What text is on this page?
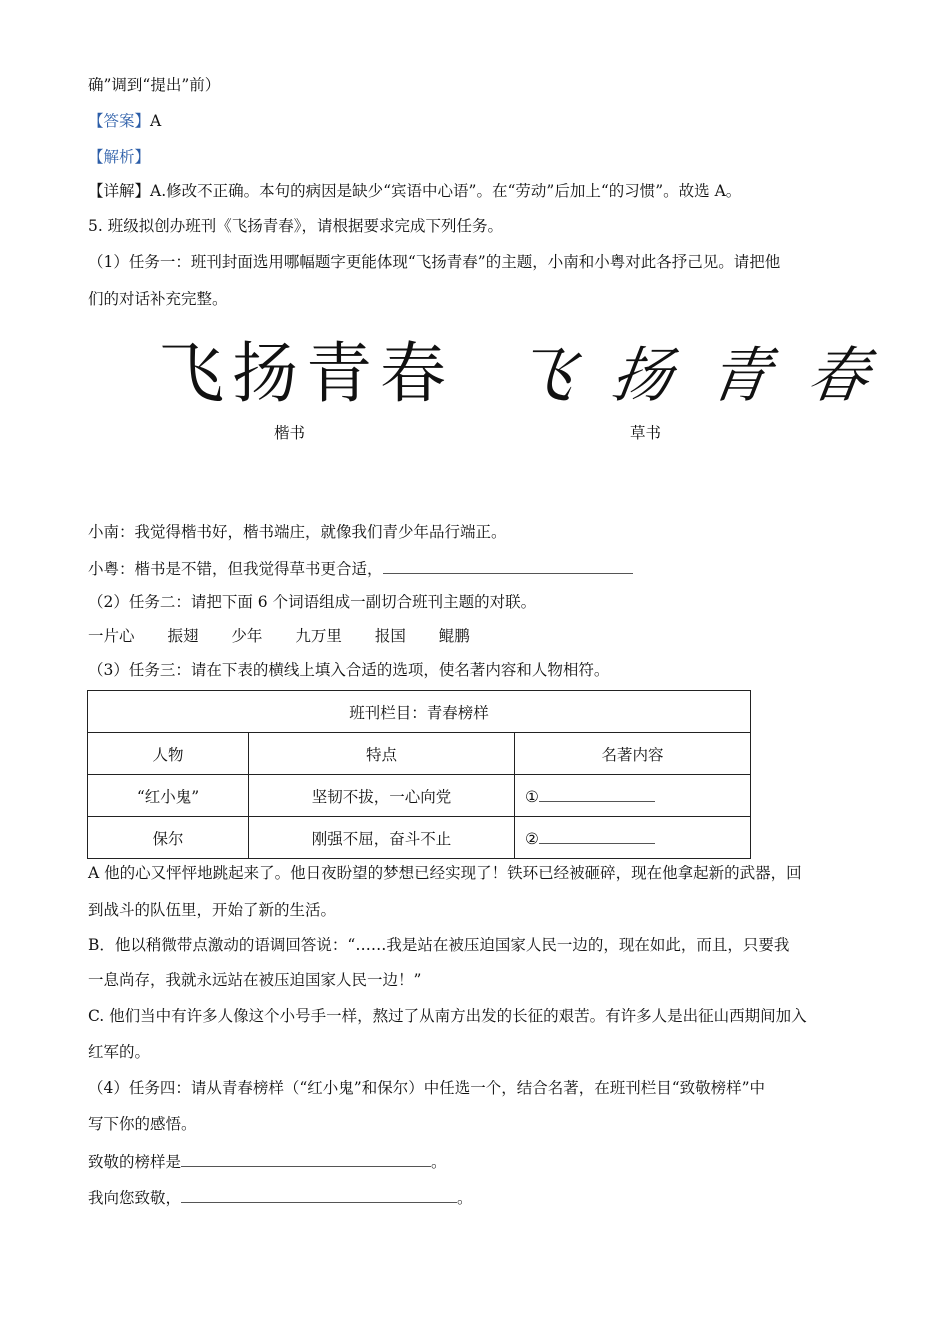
确”调到“提出”前）
【答案】A
【解析】
【详解】A.修改不正确。本句的病因是缺少“宾语中心语”。在“劳动”后加上“的习惯”。故选 A。
5. 班级拟创办班刊《飞扬青春》，请根据要求完成下列任务。
（1）任务一：班刊封面选用哪幅题字更能体现“飞扬青春”的主题，小南和小粤对此各抒己见。请把他
们的对话补充完整。
飞扬青春
楷书
飞扬青春
草书
小南：我觉得楷书好，楷书端庄，就像我们青少年品行端正。
小粤：楷书是不错，但我觉得草书更合适，
（2）任务二：请把下面 6 个词语组成一副切合班刊主题的对联。
一片心 振翅 少年 九万里 报国 鲲鹏
（3）任务三：请在下表的横线上填入合适的选项，使名著内容和人物相符。
班刊栏目：青春榜样		
人物	特点	名著内容
“红小鬼”	坚韧不拔，一心向党	①
保尔	刚强不屈，奋斗不止	②
A 他的心又怦怦地跳起来了。他日夜盼望的梦想已经实现了！铁环已经被砸碎，现在他拿起新的武器，回
到战斗的队伍里，开始了新的生活。
B．他以稍微带点激动的语调回答说：“……我是站在被压迫国家人民一边的，现在如此，而且，只要我
一息尚存，我就永远站在被压迫国家人民一边！”
C. 他们当中有许多人像这个小号手一样，熬过了从南方出发的长征的艰苦。有许多人是出征山西期间加入
红军的。
（4）任务四：请从青春榜样（“红小鬼”和保尔）中任选一个，结合名著，在班刊栏目“致敬榜样”中
写下你的感悟。
致敬的榜样是	。
我向您致敬，	。
